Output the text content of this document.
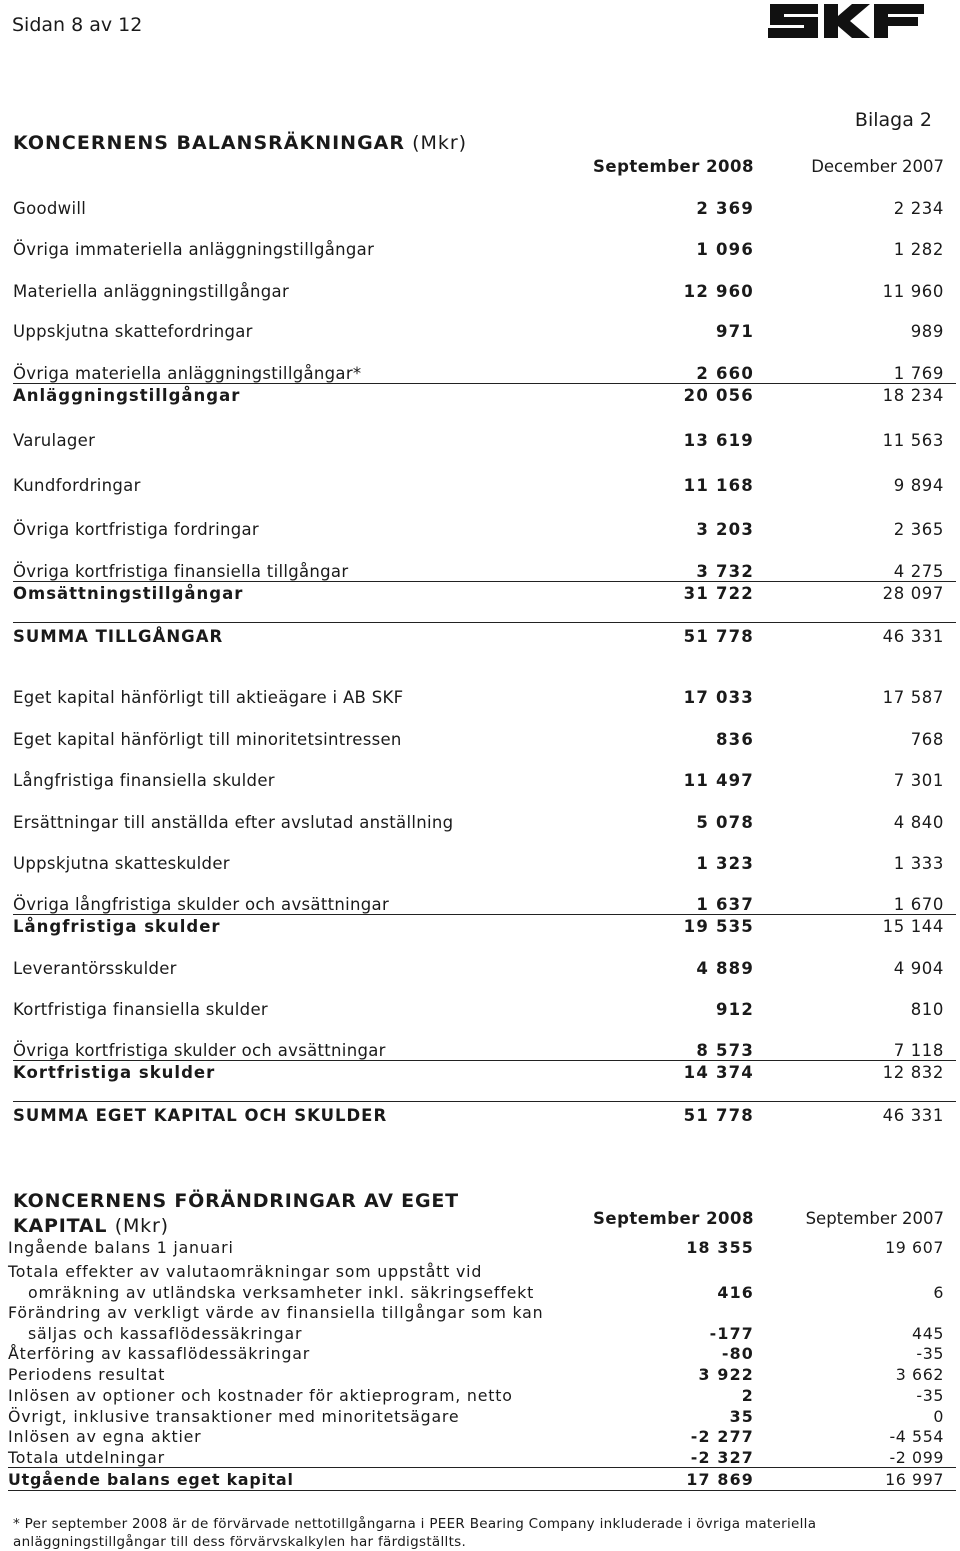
Sidan 8 av 12
Bilaga 2
KONCERNENS BALANSRÄKNINGAR (Mkr)
September 2008	December 2007
Goodwill	2 369	2 234
Övriga immateriella anläggningstillgångar	1 096	1 282
Materiella anläggningstillgångar	12 960	11 960
Uppskjutna skattefordringar	971	989
Övriga materiella anläggningstillgångar*	2 660	1 769
Anläggningstillgångar	20 056	18 234
Varulager	13 619	11 563
Kundfordringar	11 168	9 894
Övriga kortfristiga fordringar	3 203	2 365
Övriga kortfristiga finansiella tillgångar	3 732	4 275
Omsättningstillgångar	31 722	28 097
SUMMA TILLGÅNGAR	51 778	46 331
Eget kapital hänförligt till aktieägare i AB SKF	17 033	17 587
Eget kapital hänförligt till minoritetsintressen	836	768
Långfristiga finansiella skulder	11 497	7 301
Ersättningar till anställda efter avslutad anställning	5 078	4 840
Uppskjutna skatteskulder	1 323	1 333
Övriga långfristiga skulder och avsättningar	1 637	1 670
Långfristiga skulder	19 535	15 144
Leverantörsskulder	4 889	4 904
Kortfristiga finansiella skulder	912	810
Övriga kortfristiga skulder och avsättningar	8 573	7 118
Kortfristiga skulder	14 374	12 832
SUMMA EGET KAPITAL OCH SKULDER	51 778	46 331
KONCERNENS FÖRÄNDRINGAR AV EGET
KAPITAL (Mkr)	September 2008	September 2007
Ingående balans 1 januari	18 355	19 607
Totala effekter av valutaomräkningar som uppstått vid
omräkning av utländska verksamheter inkl. säkringseffekt	416	6
Förändring av verkligt värde av finansiella tillgångar som kan
säljas och kassaflödessäkringar	-177	445
Återföring av kassaflödessäkringar	-80	-35
Periodens resultat	3 922	3 662
Inlösen av optioner och kostnader för aktieprogram, netto	2	-35
Övrigt, inklusive transaktioner med minoritetsägare	35	0
Inlösen av egna aktier	-2 277	-4 554
Totala utdelningar	-2 327	-2 099
Utgående balans eget kapital	17 869	16 997
* Per september 2008 är de förvärvade nettotillgångarna i PEER Bearing Company inkluderade i övriga materiella anläggningstillgångar till dess förvärvskalkylen har färdigställts.
